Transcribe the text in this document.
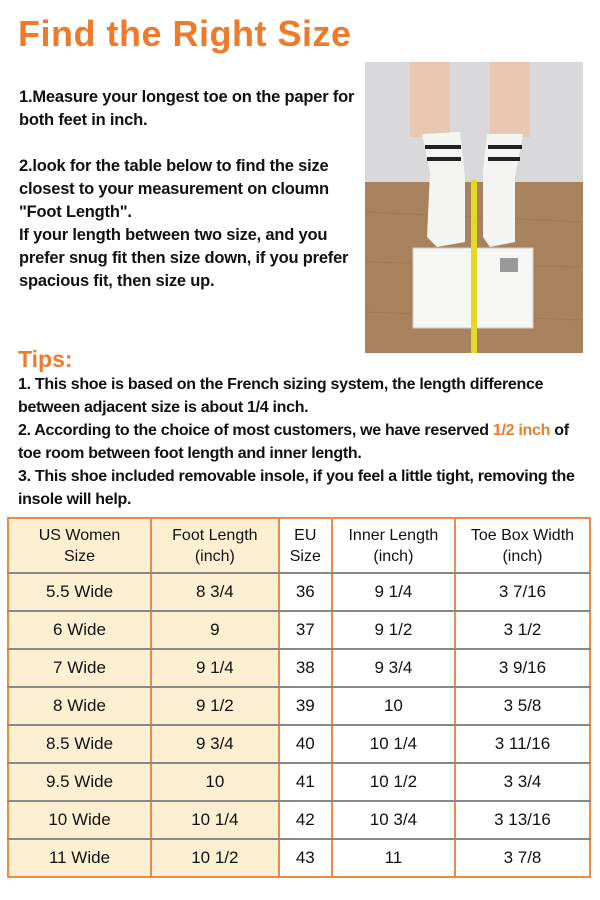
Find the Right Size

1.Measure your longest toe on the paper for both feet in inch.

2.look for the table below to find the size closest to your measurement on cloumn "Foot Length".

If your length between two size, and you prefer snug fit then size down, if you prefer spacious fit, then size up.

Tips:
1. This shoe is based on the French sizing system, the length difference between adjacent size is about 1/4 inch.
2. According to the choice of most customers, we have reserved 1/2 inch of toe room between foot length and inner length.
3. This shoe included removable insole, if you feel a little tight, removing the insole will help.
US Women Size	Foot Length (inch)	EU Size	Inner Length (inch)	Toe Box Width (inch)
5.5 Wide	8 3/4	36	9 1/4	3 7/16
6 Wide	9	37	9 1/2	3 1/2
7 Wide	9 1/4	38	9 3/4	3 9/16
8 Wide	9 1/2	39	10	3 5/8
8.5 Wide	9 3/4	40	10 1/4	3 11/16
9.5 Wide	10	41	10 1/2	3 3/4
10 Wide	10 1/4	42	10 3/4	3 13/16
11 Wide	10 1/2	43	11	3 7/8
